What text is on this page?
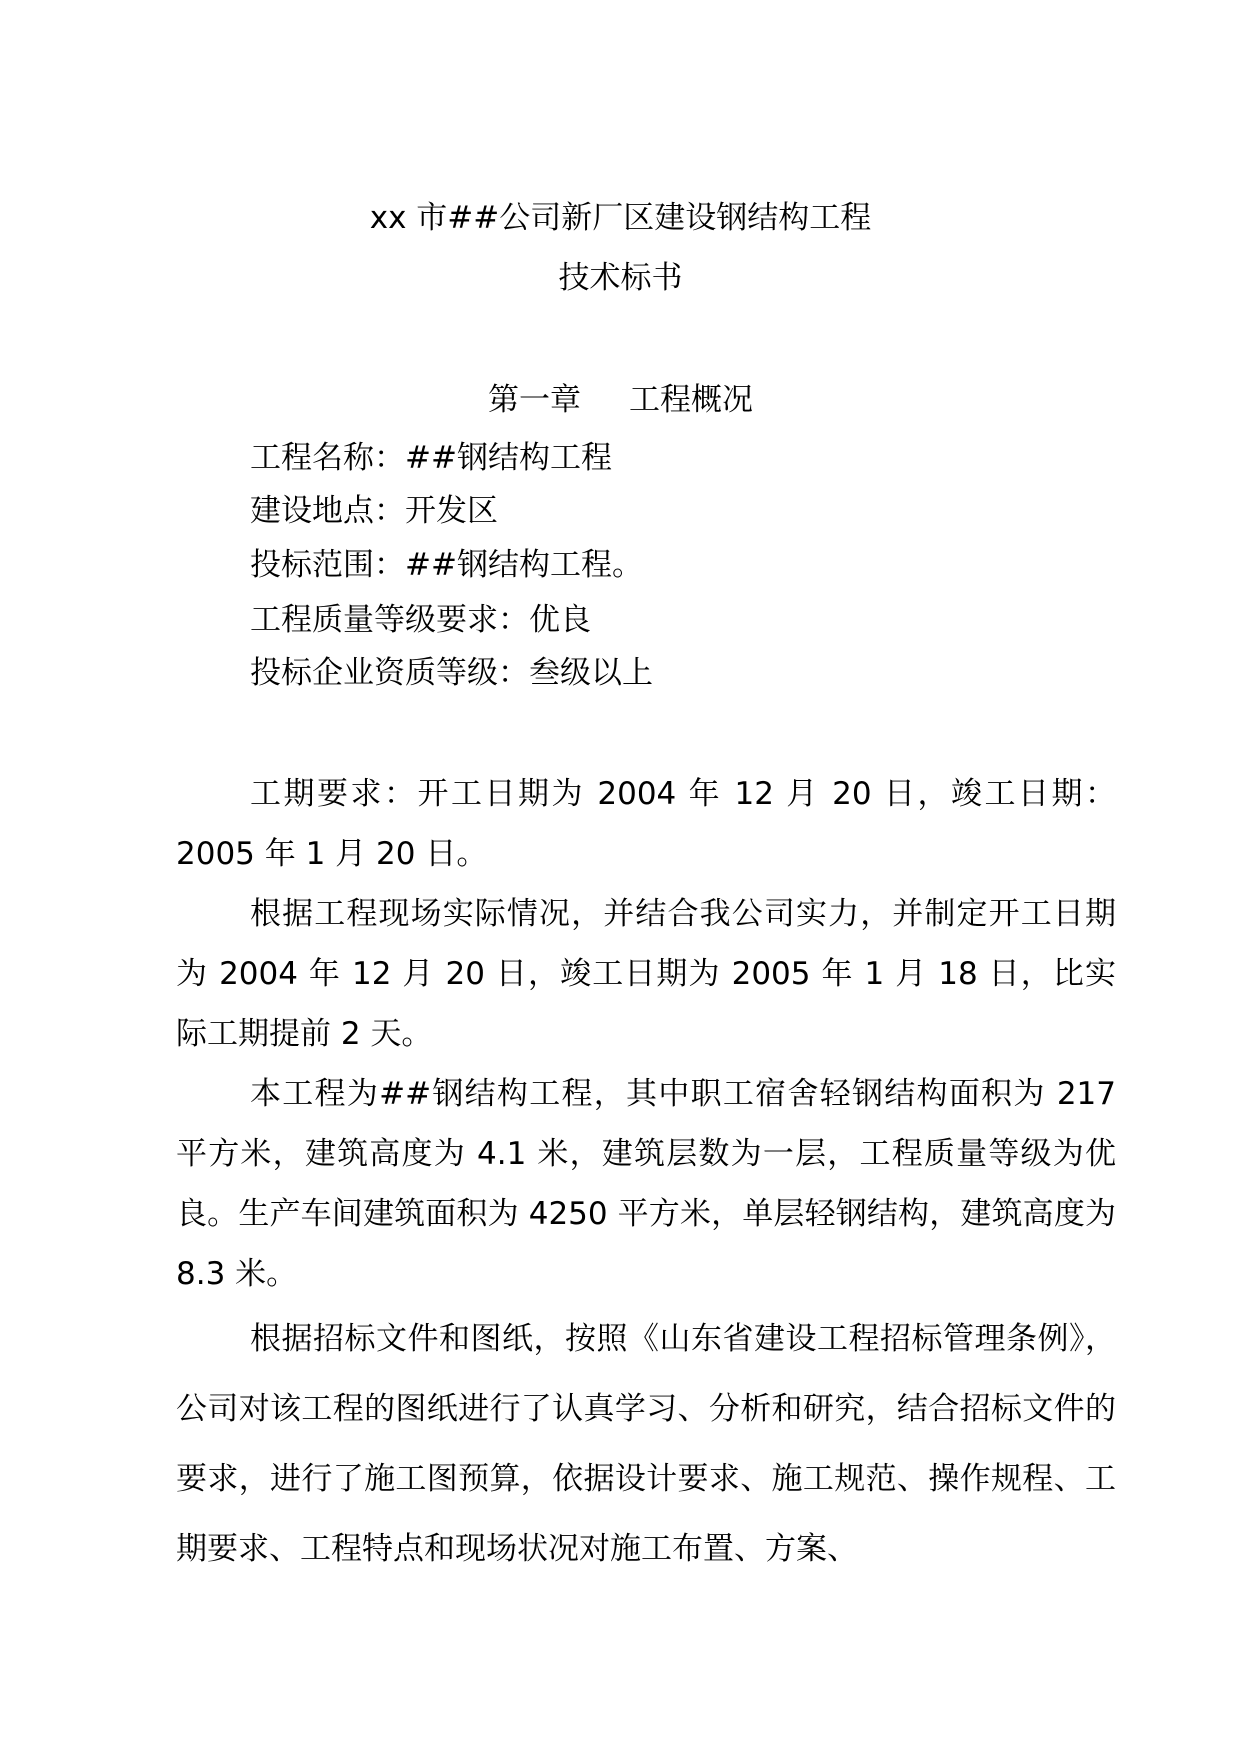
xx 市##公司新厂区建设钢结构工程
技术标书
第一章 工程概况
工程名称：##钢结构工程
建设地点：开发区
投标范围：##钢结构工程。
工程质量等级要求：优良
投标企业资质等级：叁级以上

工期要求：开工日期为 2004 年 12 月 20 日，竣工日期：2005 年 1 月 20 日。

根据工程现场实际情况，并结合我公司实力，并制定开工日期为 2004 年 12 月 20 日，竣工日期为 2005 年 1 月 18 日，比实际工期提前 2 天。

本工程为##钢结构工程，其中职工宿舍轻钢结构面积为 217 平方米，建筑高度为 4.1 米，建筑层数为一层，工程质量等级为优良。生产车间建筑面积为 4250 平方米，单层轻钢结构，建筑高度为 8.3 米。

根据招标文件和图纸，按照《山东省建设工程招标管理条例》，公司对该工程的图纸进行了认真学习、分析和研究，结合招标文件的要求，进行了施工图预算，依据设计要求、施工规范、操作规程、工期要求、工程特点和现场状况对施工布置、方案、
